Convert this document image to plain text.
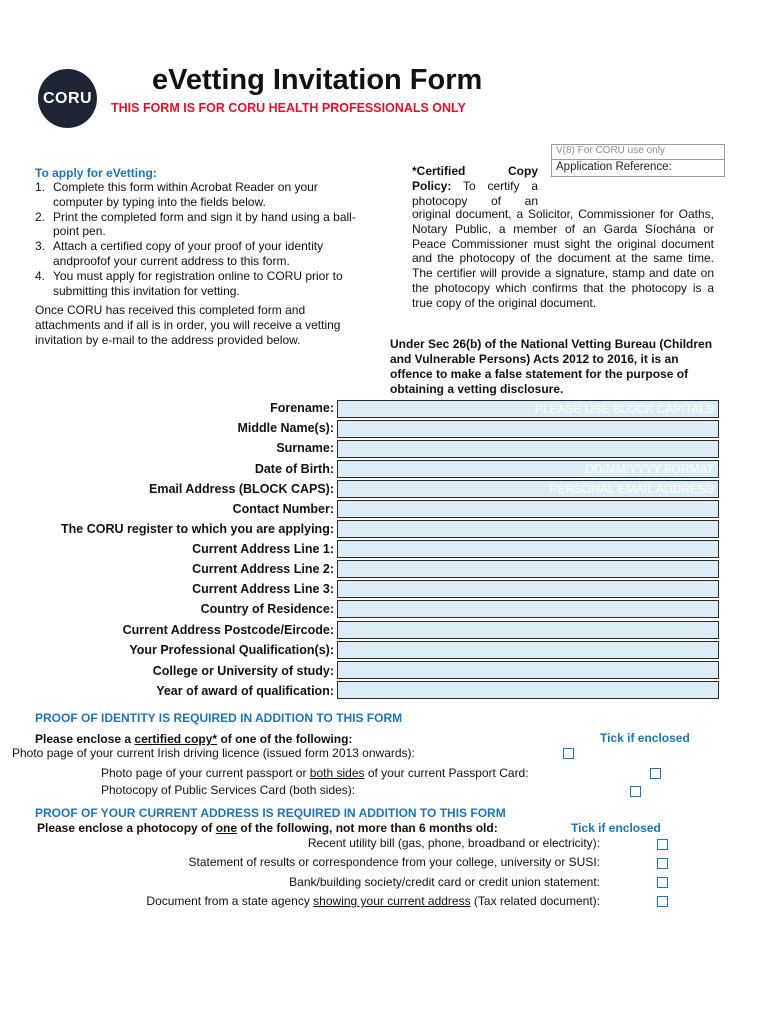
CORU
eVetting Invitation Form
THIS FORM IS FOR CORU HEALTH PROFESSIONALS ONLY
V(8) For CORU use only
Application Reference:
To apply for eVetting:
1. Complete this form within Acrobat Reader on your computer by typing into the fields below.
2. Print the completed form and sign it by hand using a ball-point pen.
3. Attach a certified copy of your proof of your identity andproofof your current address to this form.
4. You must apply for registration online to CORU prior to submitting this invitation for vetting.
Once CORU has received this completed form and attachments and if all is in order, you will receive a vetting invitation by e-mail to the address provided below.
*Certified Copy Policy: To certify a photocopy of an
original document, a Solicitor, Commissioner for Oaths, Notary Public, a member of an Garda Síochána or Peace Commissioner must sight the original document and the photocopy of the document at the same time. The certifier will provide a signature, stamp and date on the photocopy which confirms that the photocopy is a true copy of the original document.
Under Sec 26(b) of the National Vetting Bureau (Children and Vulnerable Persons) Acts 2012 to 2016, it is an offence to make a false statement for the purpose of obtaining a vetting disclosure.
Forename:
PLEASE USE BLOCK CAPITALS
Middle Name(s):
Surname:
Date of Birth:
DD/MM/YYYY FORMAT
Email Address (BLOCK CAPS):
PERSONAL EMAIL ADDRESS
Contact Number:
The CORU register to which you are applying:
Current Address Line 1:
Current Address Line 2:
Current Address Line 3:
Country of Residence:
Current Address Postcode/Eircode:
Your Professional Qualification(s):
College or University of study:
Year of award of qualification:
PROOF OF IDENTITY IS REQUIRED IN ADDITION TO THIS FORM
Please enclose a certified copy* of one of the following:	Tick if enclosed
Photo page of your current Irish driving licence (issued form 2013 onwards):
Photo page of your current passport or both sides of your current Passport Card:
Photocopy of Public Services Card (both sides):
PROOF OF YOUR CURRENT ADDRESS IS REQUIRED IN ADDITION TO THIS FORM
Please enclose a photocopy of one of the following, not more than 6 months old:	Tick if enclosed
Recent utility bill (gas, phone, broadband or electricity):
Statement of results or correspondence from your college, university or SUSI:
Bank/building society/credit card or credit union statement:
Document from a state agency showing your current address (Tax related document):
